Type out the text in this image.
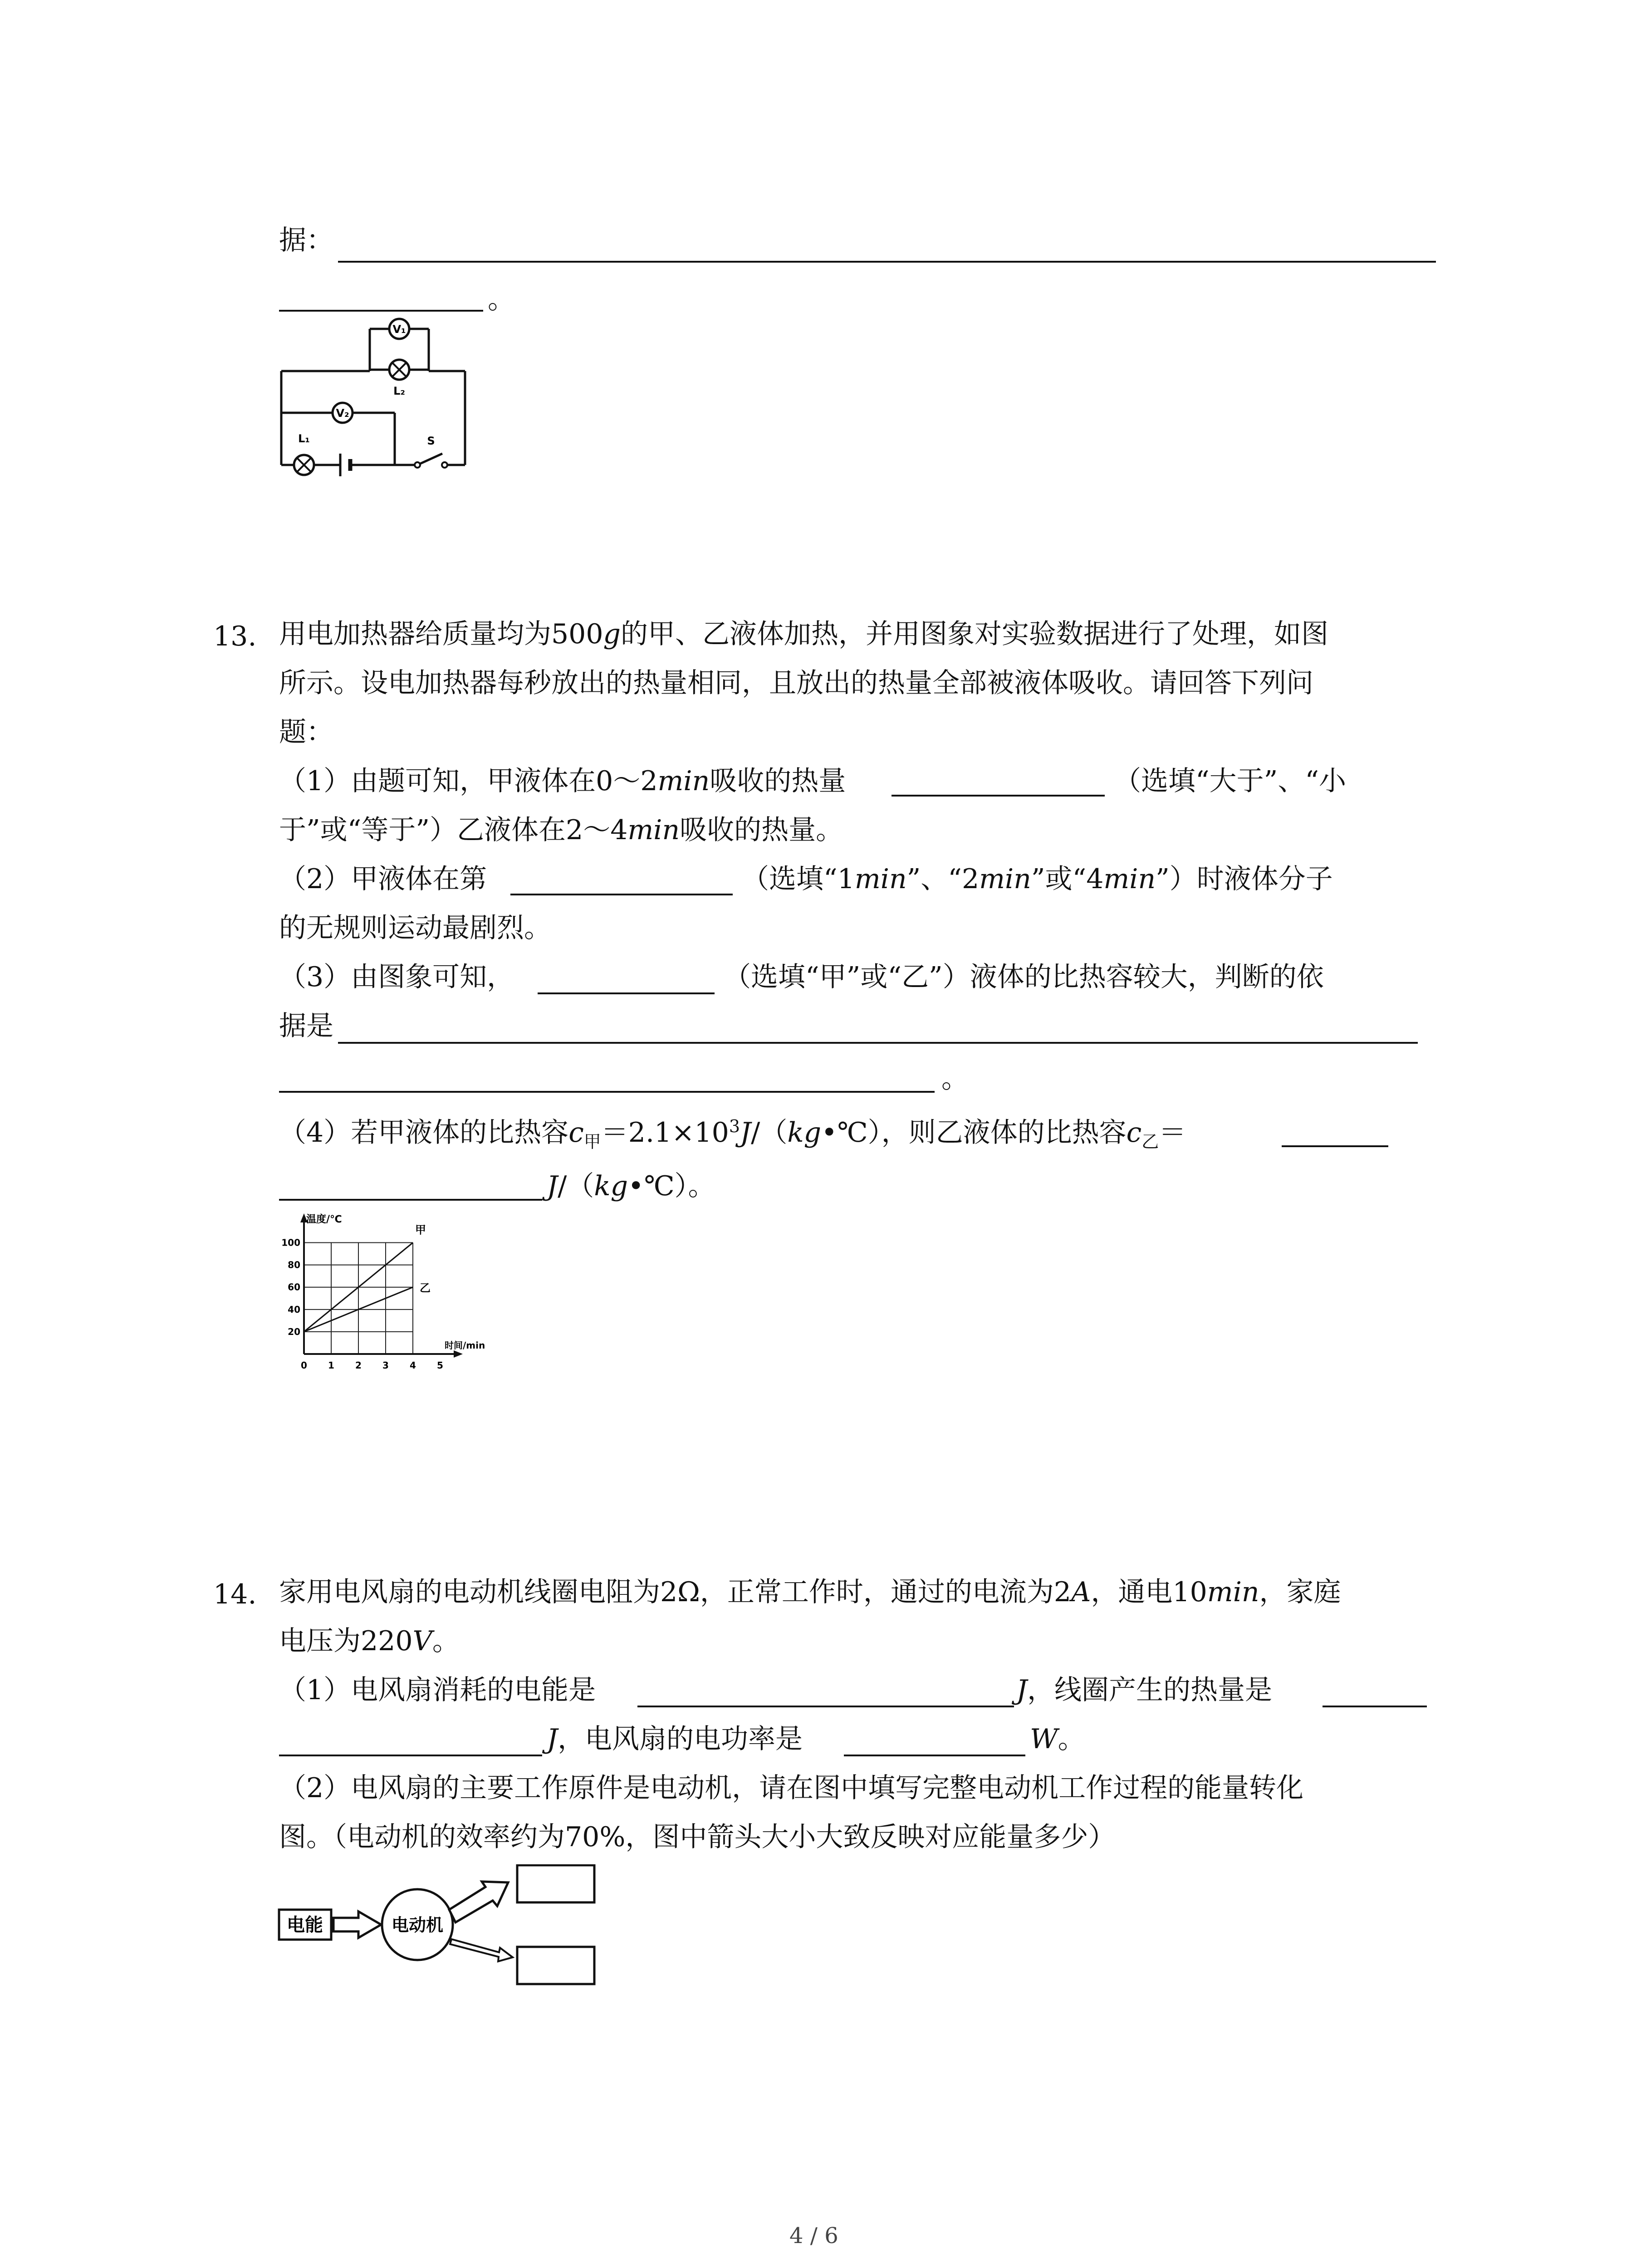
据：
。
V₁
L₂
V₂
L₁	S
13. 用电加热器给质量均为500g的甲、乙液体加热，并用图象对实验数据进行了处理，如图
所示。设电加热器每秒放出的热量相同，且放出的热量全部被液体吸收。请回答下列问
题：
（1）由题可知，甲液体在0～2min吸收的热量	（选填“大于”、“小
于”或“等于”）乙液体在2～4min吸收的热量。
（2）甲液体在第	（选填“1min”、“2min”或“4min”）时液体分子
的无规则运动最剧烈。
（3）由图象可知，	（选填“甲”或“乙”）液体的比热容较大，判断的依
据是
。
（4）若甲液体的比热容$c_甲=2.1\times 10^3J/(kg•℃)$，则乙液体的比热容$c_乙=$
J/（kg•℃）。
0 1 2 3 4 5
20
40
60
80
100
温度/℃
时间/min
甲
乙
14. 家用电风扇的电动机线圈电阻为2Ω，正常工作时，通过的电流为2A，通电10min，家庭
电压为220V。
（1）电风扇消耗的电能是	J，线圈产生的热量是
J，电风扇的电功率是	W。
（2）电风扇的主要工作原件是电动机，请在图中填写完整电动机工作过程的能量转化
图。（电动机的效率约为70%，图中箭头大小大致反映对应能量多少）
电能	电动机
4 / 6
